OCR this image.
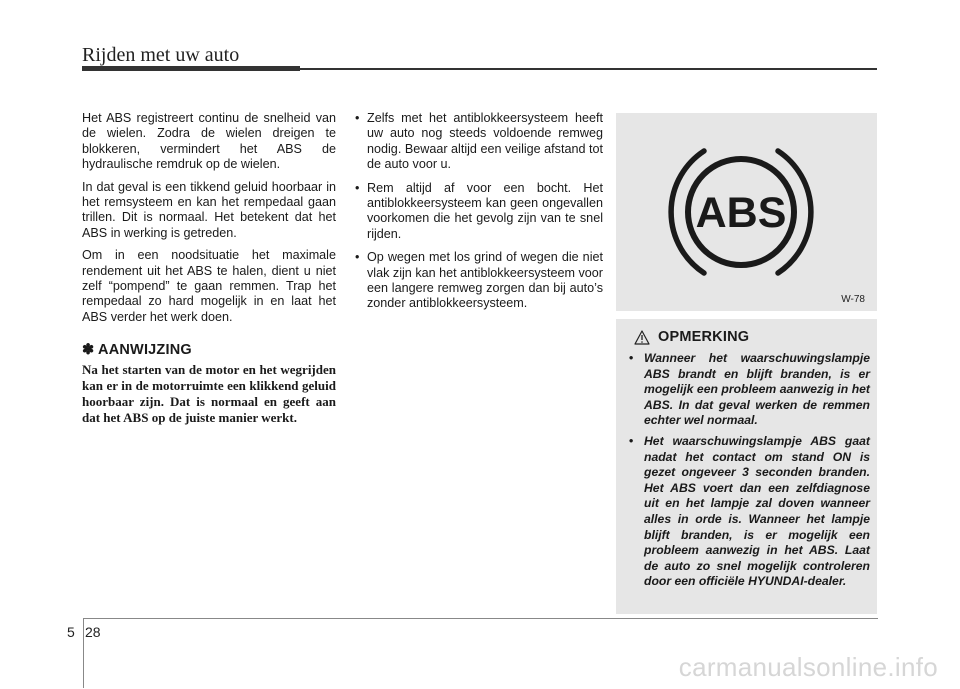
Rijden met uw auto

Het ABS registreert continu de snelheid van de wielen. Zodra de wielen dreigen te blokkeren, vermindert het ABS de hydraulische remdruk op de wielen.

In dat geval is een tikkend geluid hoorbaar in het remsysteem en kan het rempedaal gaan trillen. Dit is normaal. Het betekent dat het ABS in werking is getreden.

Om in een noodsituatie het maximale rendement uit het ABS te halen, dient u niet zelf “pompend” te gaan remmen. Trap het rempedaal zo hard mogelijk in en laat het ABS verder het werk doen.

✽ AANWIJZING

Na het starten van de motor en het wegrijden kan er in de motorruimte een klikkend geluid hoorbaar zijn. Dat is normaal en geeft aan dat het ABS op de juiste manier werkt.

• Zelfs met het antiblokkeersysteem heeft uw auto nog steeds voldoende remweg nodig. Bewaar altijd een veilige afstand tot de auto voor u.
• Rem altijd af voor een bocht. Het antiblokkeersysteem kan geen ongevallen voorkomen die het gevolg zijn van te snel rijden.
• Op wegen met los grind of wegen die niet vlak zijn kan het antiblokkeersysteem voor een langere remweg zorgen dan bij auto’s zonder antiblokkeersysteem.
ABS
W-78
OPMERKING
• Wanneer het waarschuwingslampje ABS brandt en blijft branden, is er mogelijk een probleem aanwezig in het ABS. In dat geval werken de remmen echter wel normaal.
• Het waarschuwingslampje ABS gaat nadat het contact om stand ON is gezet ongeveer 3 seconden branden. Het ABS voert dan een zelfdiagnose uit en het lampje zal doven wanneer alles in orde is. Wanneer het lampje blijft branden, is er mogelijk een probleem aanwezig in het ABS. Laat de auto zo snel mogelijk controleren door een officiële HYUNDAI-dealer.
5 28
carmanualsonline.info
